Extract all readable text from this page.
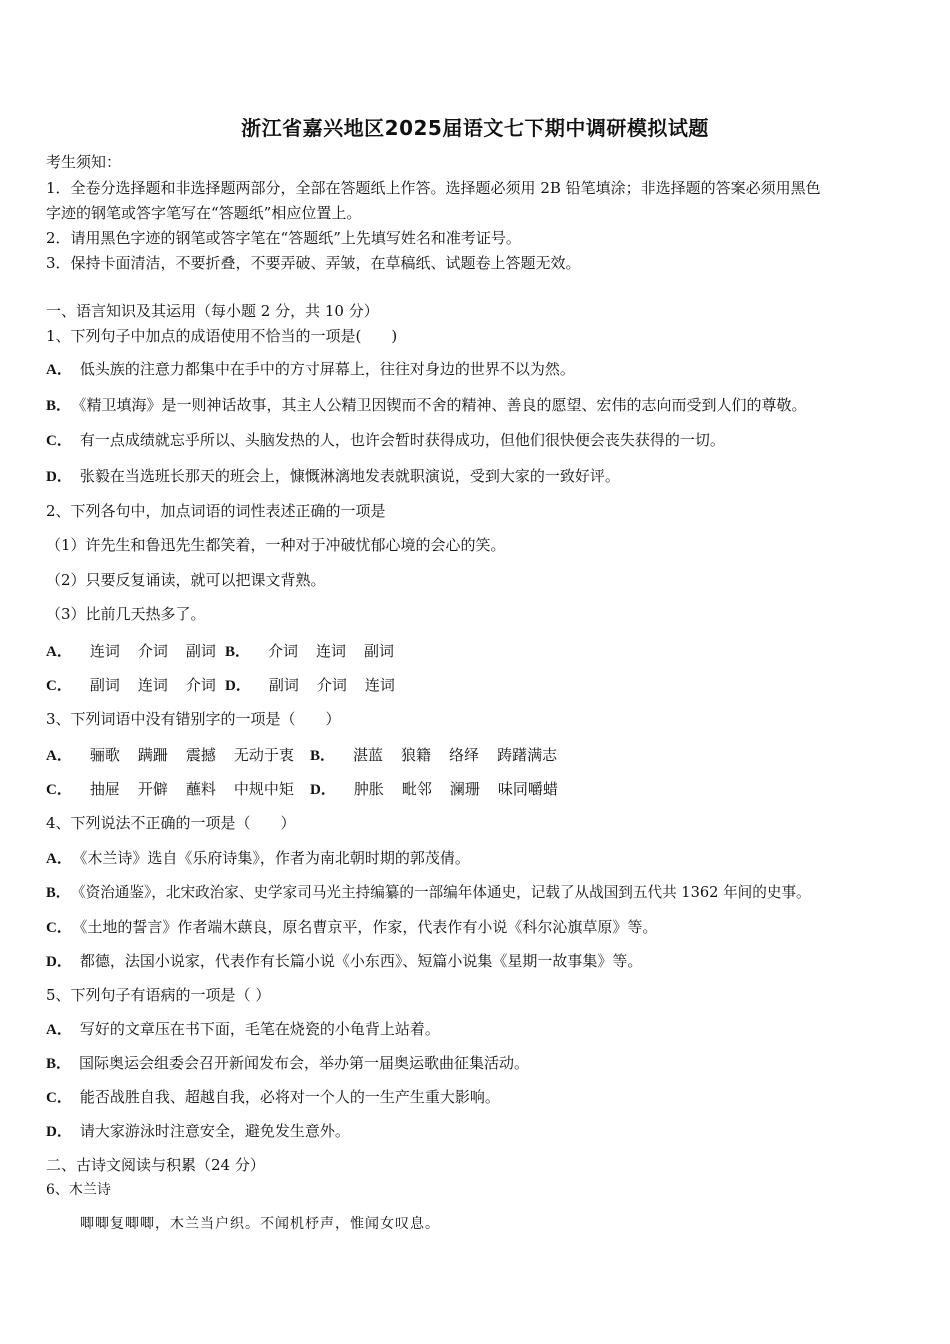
浙江省嘉兴地区2025届语文七下期中调研模拟试题
考生须知：
1．全卷分选择题和非选择题两部分，全部在答题纸上作答。选择题必须用 2B 铅笔填涂；非选择题的答案必须用黑色
字迹的钢笔或答字笔写在“答题纸”相应位置上。
2．请用黑色字迹的钢笔或答字笔在“答题纸”上先填写姓名和准考证号。
3．保持卡面清洁，不要折叠，不要弄破、弄皱，在草稿纸、试题卷上答题无效。
一、语言知识及其运用（每小题 2 分，共 10 分）
1、下列句子中加点的成语使用不恰当的一项是(　　)
A． 低头族的注意力都集中在手中的方寸屏幕上，往往对身边的世界不以为然。
B． 《精卫填海》是一则神话故事，其主人公精卫因锲而不舍的精神、善良的愿望、宏伟的志向而受到人们的尊敬。
C． 有一点成绩就忘乎所以、头脑发热的人，也许会暂时获得成功，但他们很快便会丧失获得的一切。
D． 张毅在当选班长那天的班会上，慷慨淋漓地发表就职演说，受到大家的一致好评。
2、下列各句中，加点词语的词性表述正确的一项是
（1）许先生和鲁迅先生都笑着，一种对于冲破忧郁心境的会心的笑。
（2）只要反复诵读，就可以把课文背熟。
（3）比前几天热多了。
A． 连词 介词 副词 B． 介词 连词 副词
C． 副词 连词 介词 D． 副词 介词 连词
3、下列词语中没有错别字的一项是（　　）
A． 骊歌 蹒跚 震撼 无动于衷	B． 湛蓝 狼籍 络绎 踌躇满志
C． 抽屉 开僻 蘸料 中规中矩	D． 肿胀 毗邻 澜珊 味同嚼蜡
4、下列说法不正确的一项是（　　）
A． 《木兰诗》选自《乐府诗集》，作者为南北朝时期的郭茂倩。
B． 《资治通鉴》，北宋政治家、史学家司马光主持编纂的一部编年体通史，记载了从战国到五代共 1362 年间的史事。
C． 《土地的誓言》作者端木蕻良，原名曹京平，作家，代表作有小说《科尔沁旗草原》等。
D． 都德，法国小说家，代表作有长篇小说《小东西》、短篇小说集《星期一故事集》等。
5、下列句子有语病的一项是（ ）
A． 写好的文章压在书下面，毛笔在烧瓷的小龟背上站着。
B． 国际奥运会组委会召开新闻发布会，举办第一届奥运歌曲征集活动。
C． 能否战胜自我、超越自我，必将对一个人的一生产生重大影响。
D． 请大家游泳时注意安全，避免发生意外。
二、古诗文阅读与积累（24 分）
6、木兰诗
唧唧复唧唧，木兰当户织。不闻机杼声，惟闻女叹息。
